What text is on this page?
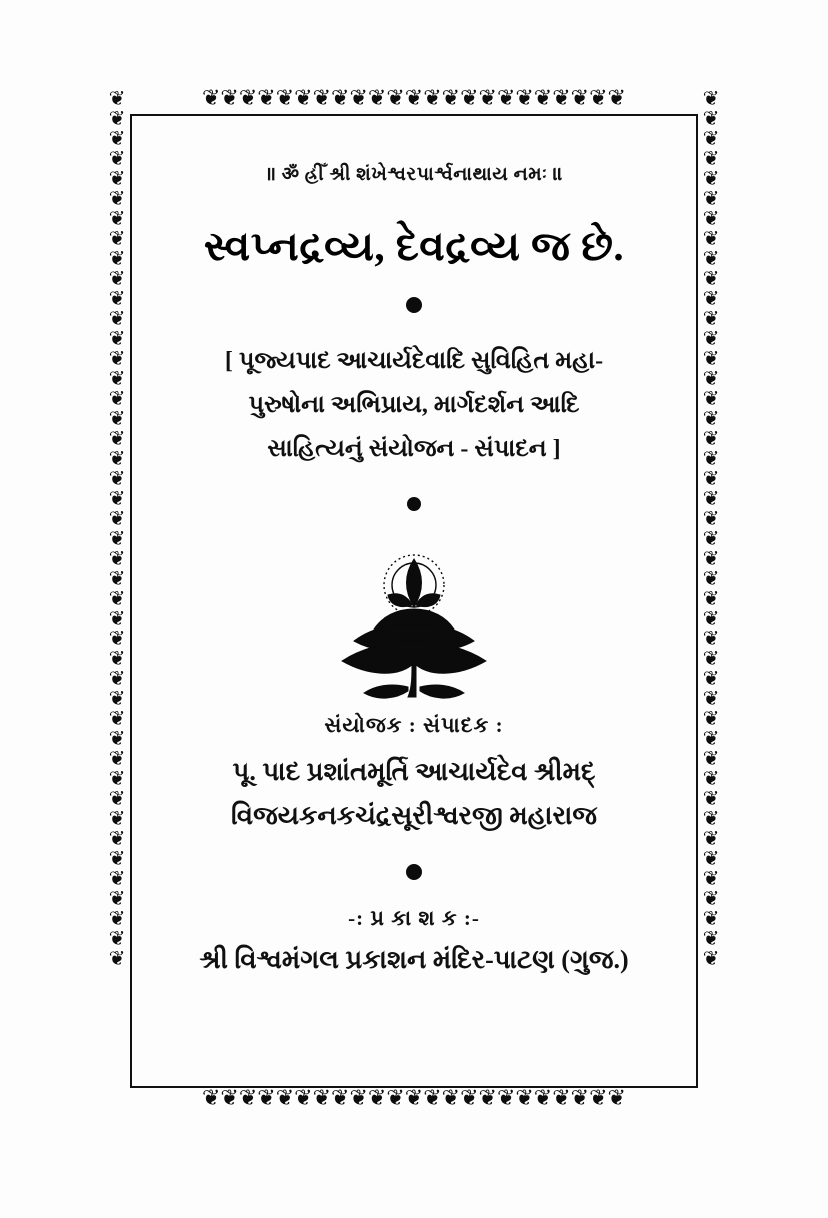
❦❦❦❦❦❦❦❦❦❦❦❦❦❦❦❦❦❦❦❦❦❦❦
❦❦❦❦❦❦❦❦❦❦❦❦❦❦❦❦❦❦❦❦❦❦❦
❦
❦
❦
❦
❦
❦
❦
❦
❦
❦
❦
❦
❦
❦
❦
❦
❦
❦
❦
❦
❦
❦
❦
❦
❦
❦
❦
❦
❦
❦
❦
❦
❦
❦
❦
❦
❦
❦
❦
❦
❦
❦
❦
❦
❦
❦
❦
❦
❦
❦
❦
❦
❦
❦
❦
❦
❦
❦
❦
❦
❦
❦
❦
❦
❦
❦
❦
❦
❦
❦
❦
❦
❦
❦
❦
❦
❦
❦
❦
❦
❦
❦
❦
❦
❦
❦
❦
❦
॥ ॐ હ્રીઁ શ્રી શંખેશ્વરપાર્શ્વનાથાય નમઃ ॥
સ્વપ્નદ્રવ્ય, દેવદ્રવ્ય જ છે.
[ પૂજ્યપાદ આચાર્યદેવાદિ સુવિહિત મહા-
પુરુષોના અભિપ્રાય, માર્ગદર્શન આદિ
સાહિત્યનું સંયોજન - સંપાદન ]
સંયોજક : સંપાદક :
પૂ. પાદ પ્રશાંતમૂર્તિ આચાર્યદેવ શ્રીમદ્
વિજયકનકચંદ્રસૂરીશ્વરજી મહારાજ
-: પ્ર કા શ ક :-
શ્રી વિશ્વમંગલ પ્રકાશન મંદિર-પાટણ (ગુજ.)
